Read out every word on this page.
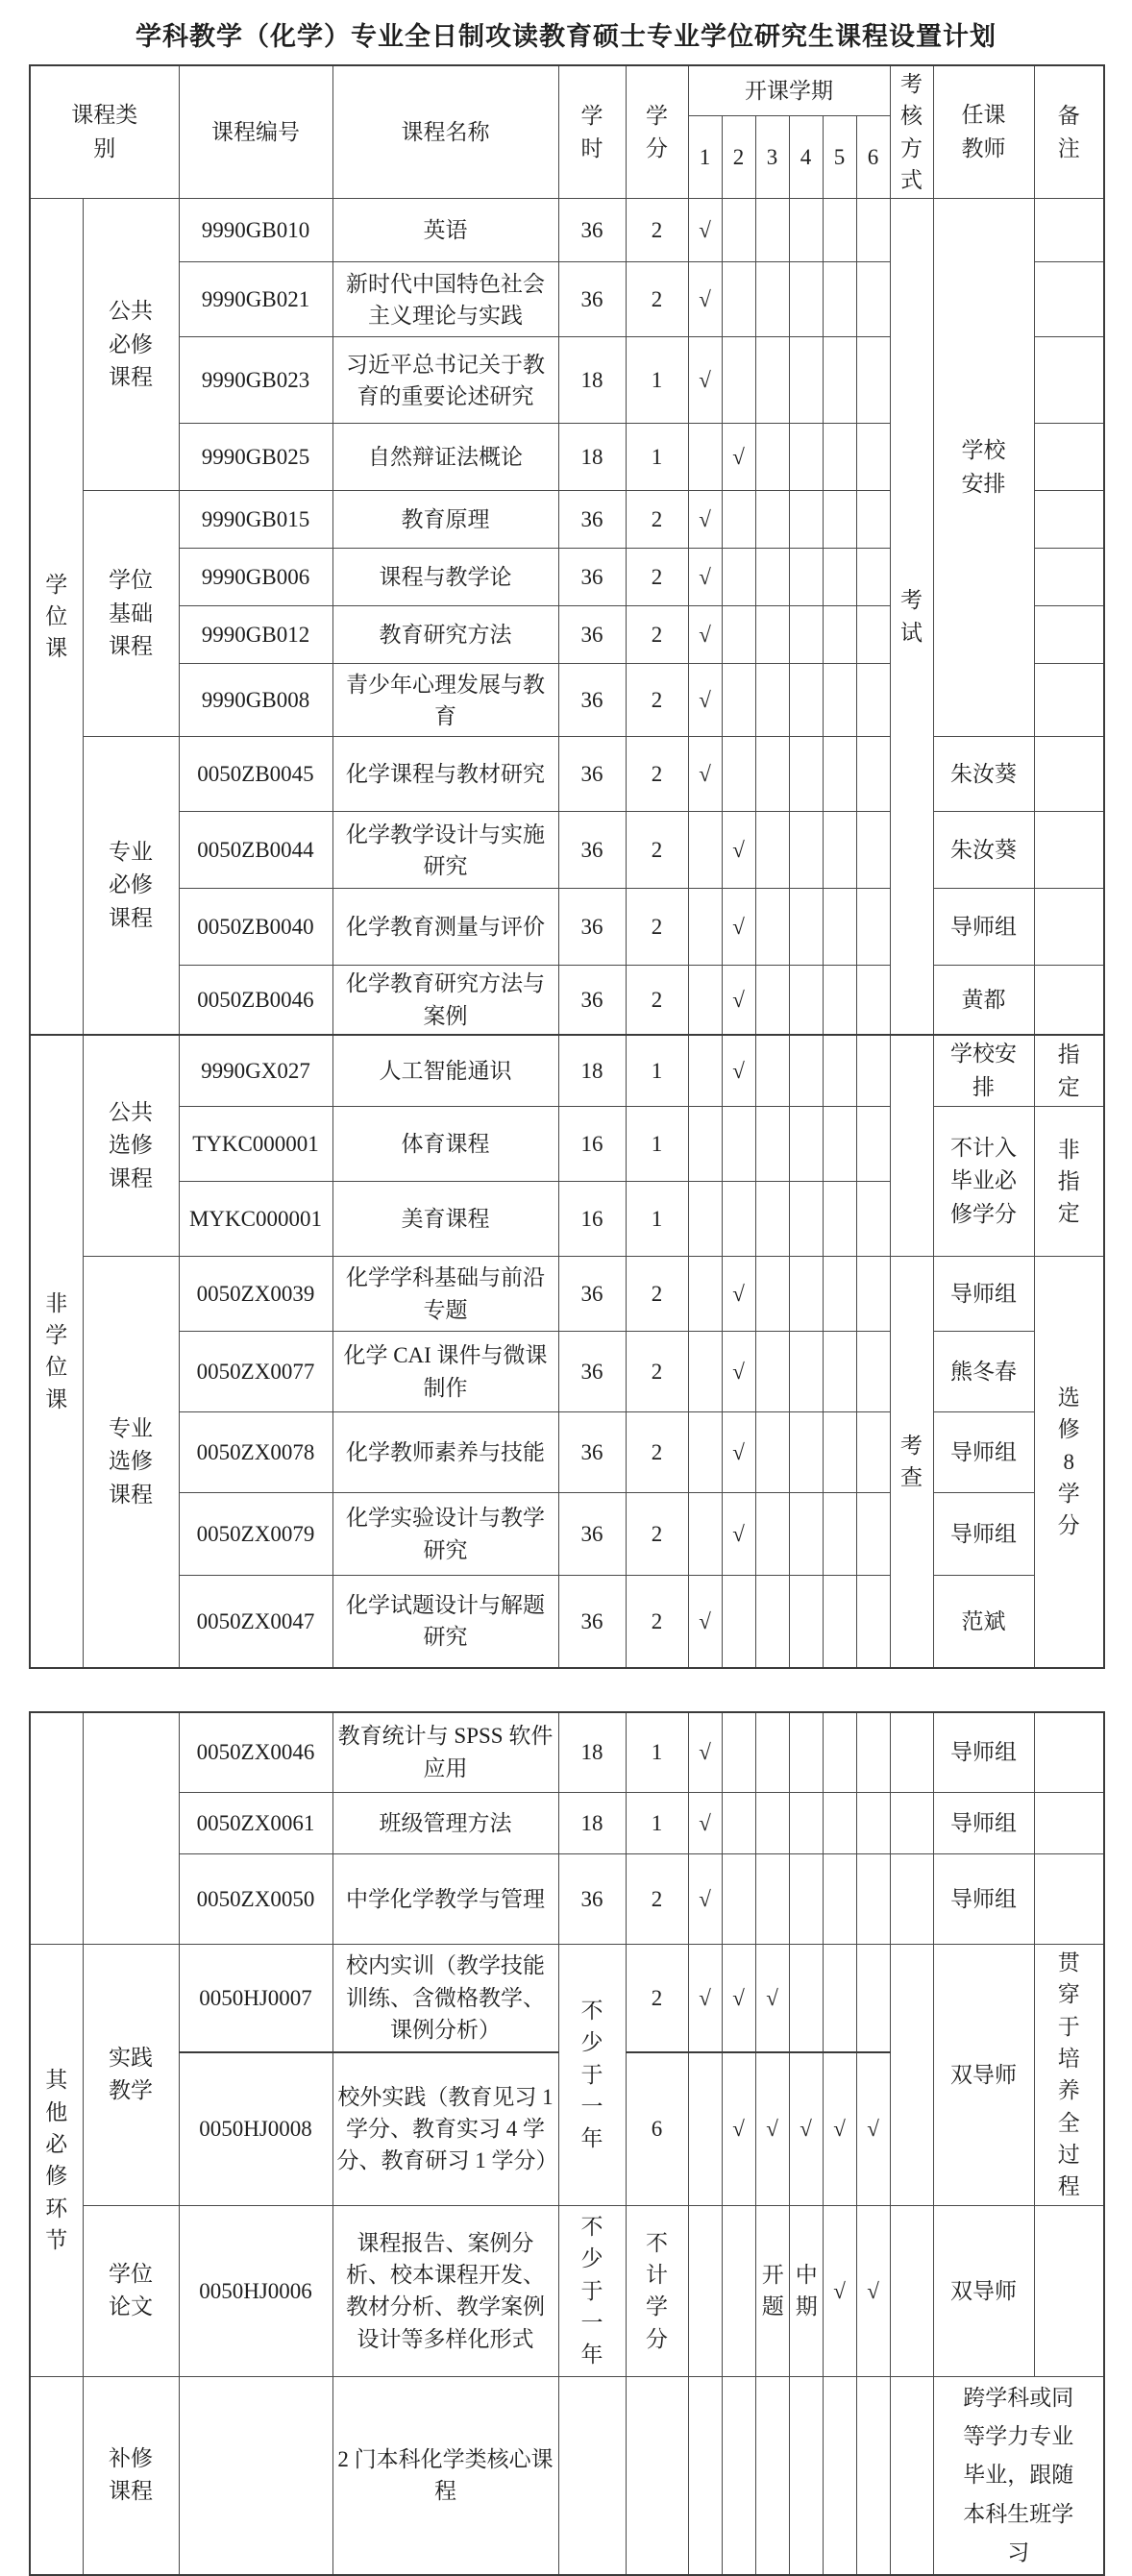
学科教学（化学）专业全日制攻读教育硕士专业学位研究生课程设置计划
课程类别		课程编号	课程名称	学时	学分	开课学期						考核方式	任课教师	备注
						1	2	3	4	5	6			
学位课	公共必修课程	9990GB010	英语	36	2	√						考试	学校安排	
		9990GB021	新时代中国特色社会主义理论与实践	36	2	√								
		9990GB023	习近平总书记关于教育的重要论述研究	18	1	√								
		9990GB025	自然辩证法概论	18	1		√							
	学位基础课程	9990GB015	教育原理	36	2	√								
		9990GB006	课程与教学论	36	2	√								
		9990GB012	教育研究方法	36	2	√								
		9990GB008	青少年心理发展与教育	36	2	√								
	专业必修课程	0050ZB0045	化学课程与教材研究	36	2	√							朱汝葵	
		0050ZB0044	化学教学设计与实施研究	36	2		√						朱汝葵	
		0050ZB0040	化学教育测量与评价	36	2		√						导师组	
		0050ZB0046	化学教育研究方法与案例	36	2		√						黄都	
非学位课	公共选修课程	9990GX027	人工智能通识	18	1		√						学校安排	指定
		TYKC000001	体育课程	16	1								不计入毕业必修学分	非指定
		MYKC000001	美育课程	16	1									
	专业选修课程	0050ZX0039	化学学科基础与前沿专题	36	2		√					考查	导师组	选修8学分
		0050ZX0077	化学 CAI 课件与微课制作	36	2		√						熊冬春	
		0050ZX0078	化学教师素养与技能	36	2		√						导师组	
		0050ZX0079	化学实验设计与教学研究	36	2		√						导师组	
		0050ZX0047	化学试题设计与解题研究	36	2	√							范斌	
		0050ZX0046	教育统计与 SPSS 软件应用	18	1	√							导师组	
		0050ZX0061	班级管理方法	18	1	√							导师组	
		0050ZX0050	中学化学教学与管理	36	2	√							导师组	
其他必修环节	实践教学	0050HJ0007	校内实训（教学技能训练、含微格教学、课例分析）	不少于一年	2	√	√	√					双导师	贯穿于培养全过程
		0050HJ0008	校外实践（教育见习 1 学分、教育实习 4 学分、教育研习 1 学分）		6		√	√	√	√	√			
	学位论文	0050HJ0006	课程报告、案例分析、校本课程开发、教材分析、教学案例设计等多样化形式	不少于一年	不计学分			开题	中期	√	√		双导师	
	补修课程		2 门本科化学类核心课程										跨学科或同等学力专业毕业，跟随本科生班学习	
